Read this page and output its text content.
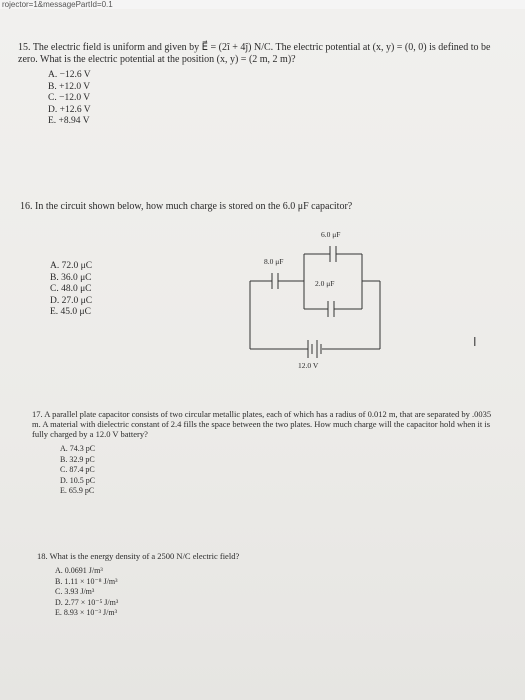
rojector=1&messagePartId=0.1

15. The electric field is uniform and given by E⃗ = (2î + 4ĵ) N/C. The electric potential at (x, y) = (0, 0) is defined to be zero. What is the electric potential at the position (x, y) = (2 m, 2 m)?

A. −12.6 V
B. +12.0 V
C. −12.0 V
D. +12.6 V
E. +8.94 V

16. In the circuit shown below, how much charge is stored on the 6.0 μF capacitor?

A. 72.0 μC
B. 36.0 μC
C. 48.0 μC
D. 27.0 μC
E. 45.0 μC
6.0 μF
8.0 μF
2.0 μF
12.0 V
I

17. A parallel plate capacitor consists of two circular metallic plates, each of which has a radius of 0.012 m, that are separated by .0035 m. A material with dielectric constant of 2.4 fills the space between the two plates. How much charge will the capacitor hold when it is fully charged by a 12.0 V battery?

A. 74.3 pC
B. 32.9 pC
C. 87.4 pC
D. 10.5 pC
E. 65.9 pC

18. What is the energy density of a 2500 N/C electric field?

A. 0.0691 J/m³
B. 1.11 × 10⁻⁸ J/m³
C. 3.93 J/m³
D. 2.77 × 10⁻⁵ J/m³
E. 8.93 × 10⁻³ J/m³
